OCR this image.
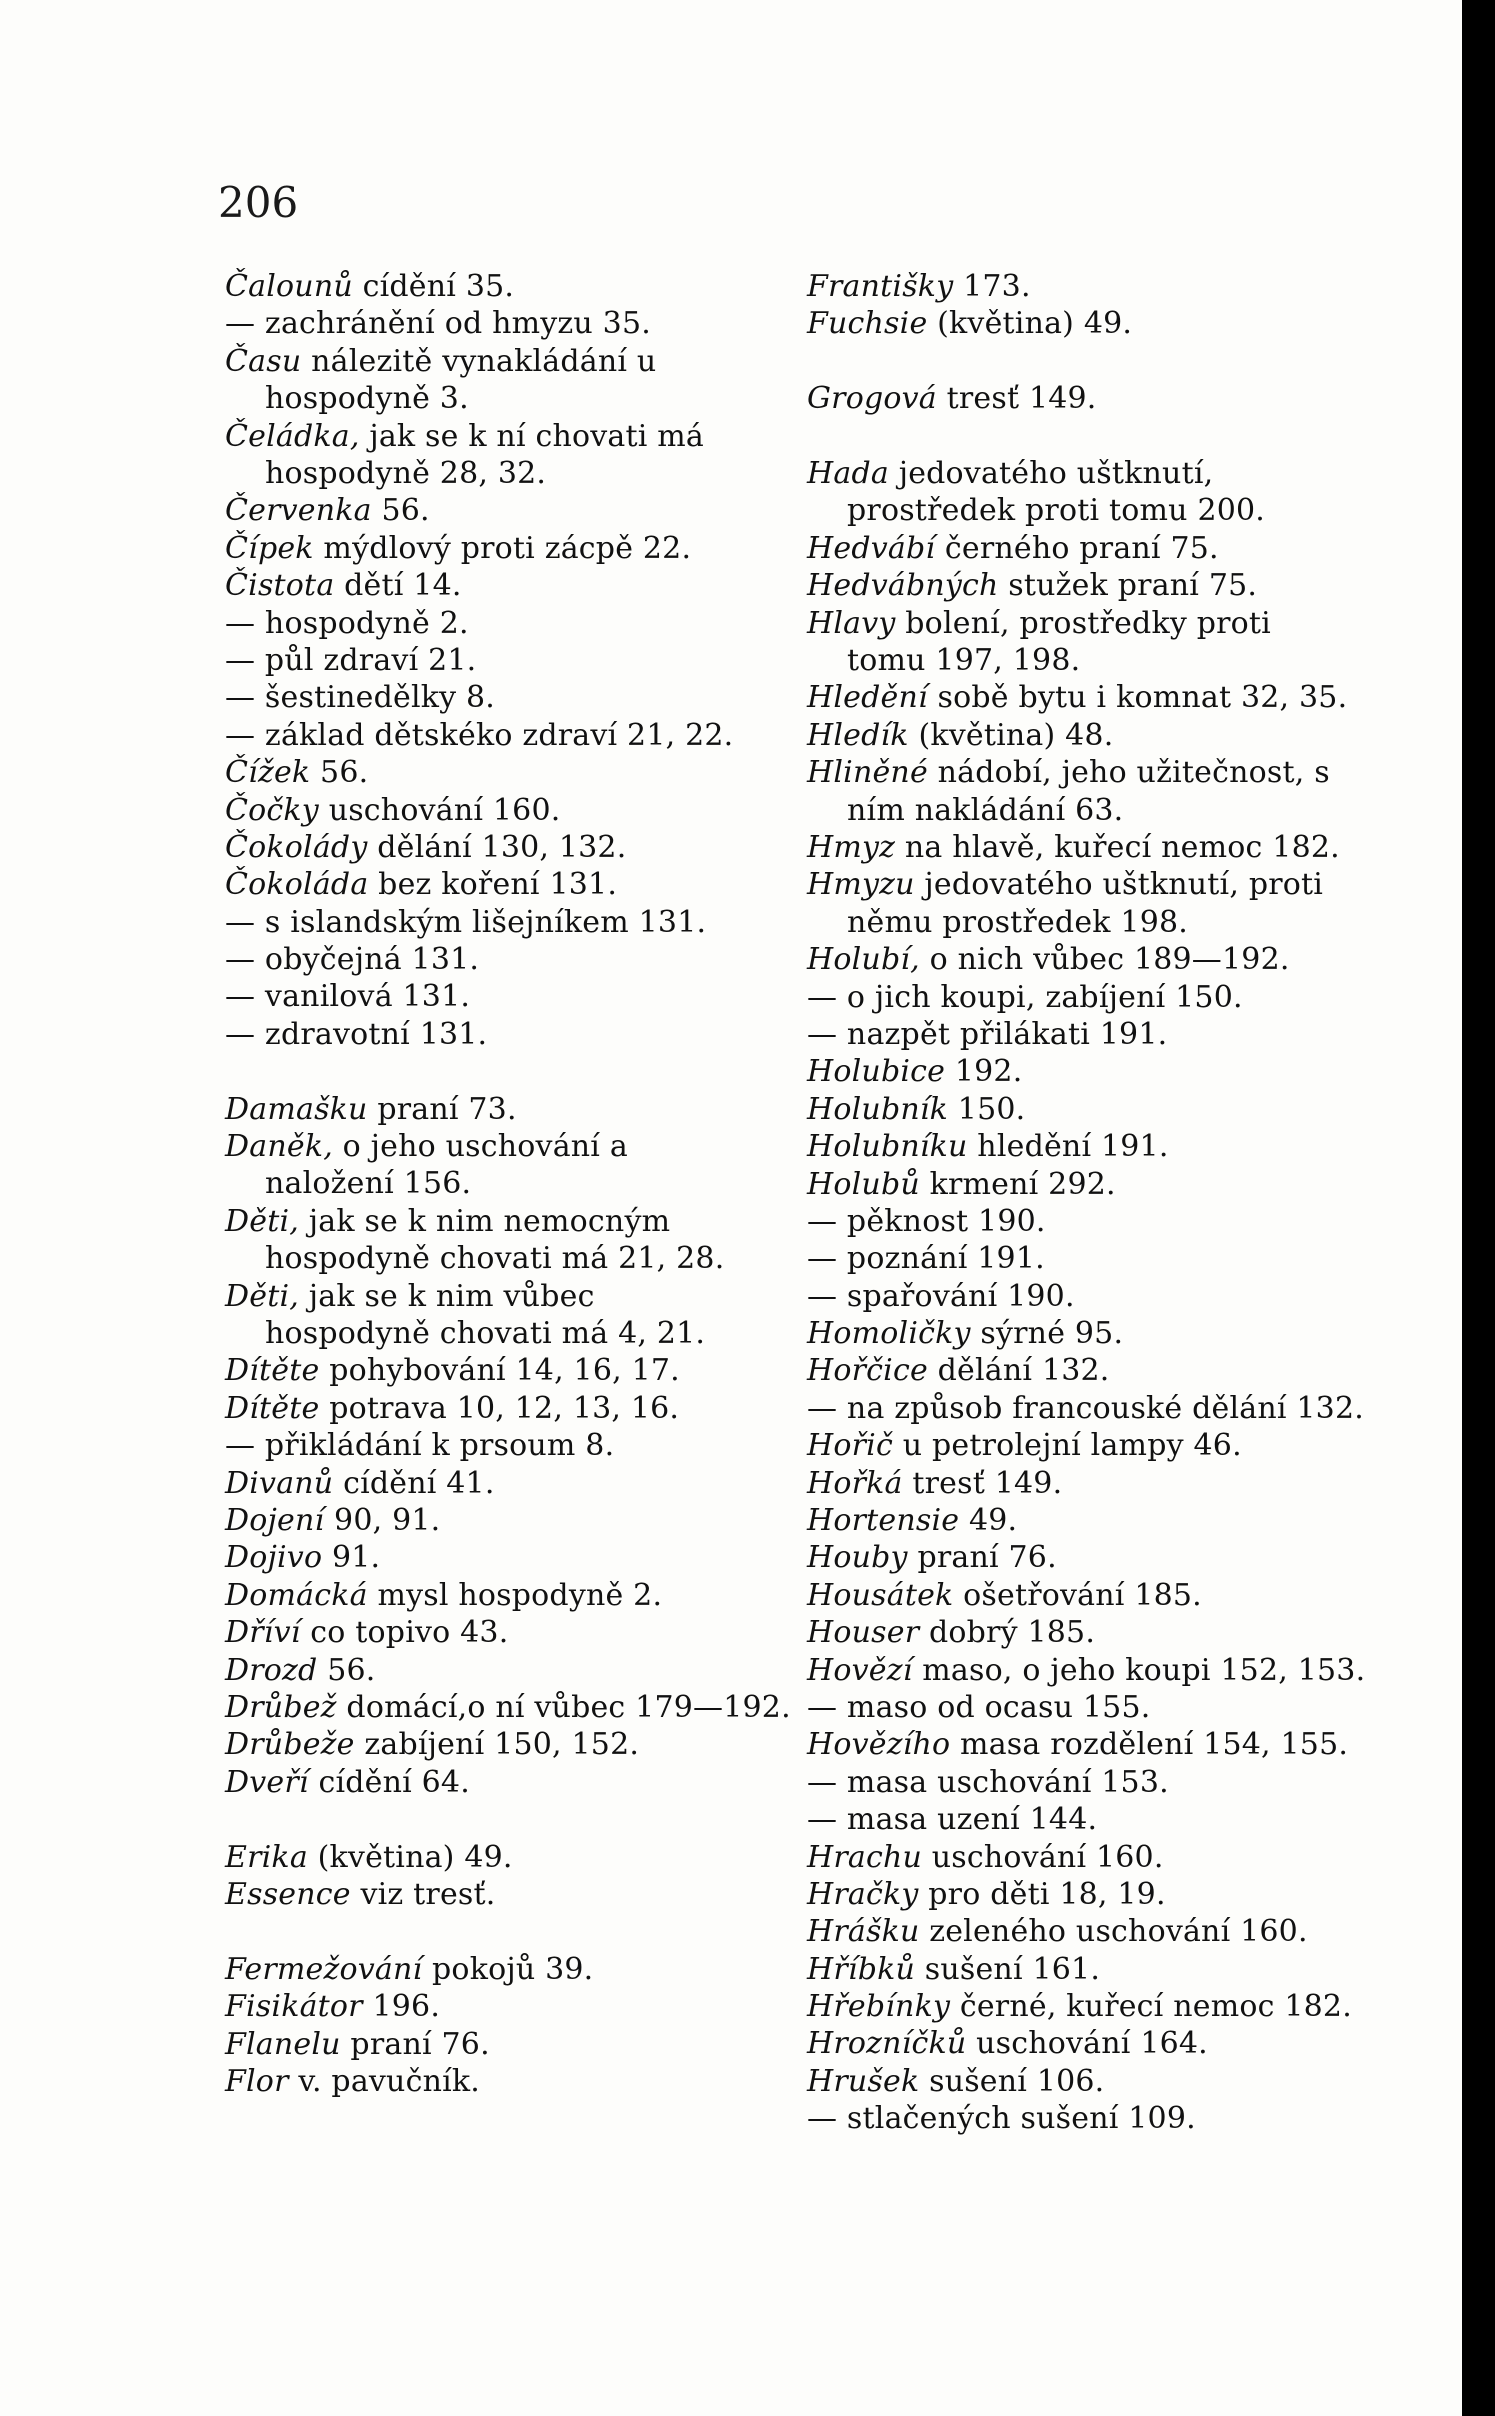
206
Čalounů cídění 35.
— zachránění od hmyzu 35.
Času nálezitě vynakládání u hospodyně 3.
Čeládka, jak se k ní chovati má hospodyně 28, 32.
Červenka 56.
Čípek mýdlový proti zácpě 22.
Čistota dětí 14.
— hospodyně 2.
— půl zdraví 21.
— šestinedělky 8.
— základ dětskéko zdraví 21, 22.
Čížek 56.
Čočky uschování 160.
Čokolády dělání 130, 132.
Čokoláda bez koření 131.
— s islandským lišejníkem 131.
— obyčejná 131.
— vanilová 131.
— zdravotní 131.
Damašku praní 73.
Daněk, o jeho uschování a naložení 156.
Děti, jak se k nim nemocným hospodyně chovati má 21, 28.
Děti, jak se k nim vůbec hospodyně chovati má 4, 21.
Dítěte pohybování 14, 16, 17.
Dítěte potrava 10, 12, 13, 16.
— přikládání k prsoum 8.
Divanů cídění 41.
Dojení 90, 91.
Dojivo 91.
Domácká mysl hospodyně 2.
Dříví co topivo 43.
Drozd 56.
Drůbež domácí,o ní vůbec 179—192.
Drůbeže zabíjení 150, 152.
Dveří cídění 64.
Erika (květina) 49.
Essence viz tresť.
Fermežování pokojů 39.
Fisikátor 196.
Flanelu praní 76.
Flor v. pavučník.
Františky 173.
Fuchsie (květina) 49.
Grogová tresť 149.
Hada jedovatého uštknutí, prostředek proti tomu 200.
Hedvábí černého praní 75.
Hedvábných stužek praní 75.
Hlavy bolení, prostředky proti tomu 197, 198.
Hledění sobě bytu i komnat 32, 35.
Hledík (květina) 48.
Hliněné nádobí, jeho užitečnost, s ním nakládání 63.
Hmyz na hlavě, kuřecí nemoc 182.
Hmyzu jedovatého uštknutí, proti němu prostředek 198.
Holubí, o nich vůbec 189—192.
— o jich koupi, zabíjení 150.
— nazpět přilákati 191.
Holubice 192.
Holubník 150.
Holubníku hledění 191.
Holubů krmení 292.
— pěknost 190.
— poznání 191.
— spařování 190.
Homoličky sýrné 95.
Hořčice dělání 132.
— na způsob francouské dělání 132.
Hořič u petrolejní lampy 46.
Hořká tresť 149.
Hortensie 49.
Houby praní 76.
Housátek ošetřování 185.
Houser dobrý 185.
Hovězí maso, o jeho koupi 152, 153.
— maso od ocasu 155.
Hovězího masa rozdělení 154, 155.
— masa uschování 153.
— masa uzení 144.
Hrachu uschování 160.
Hračky pro děti 18, 19.
Hrášku zeleného uschování 160.
Hříbků sušení 161.
Hřebínky černé, kuřecí nemoc 182.
Hrozníčků uschování 164.
Hrušek sušení 106.
— stlačených sušení 109.
